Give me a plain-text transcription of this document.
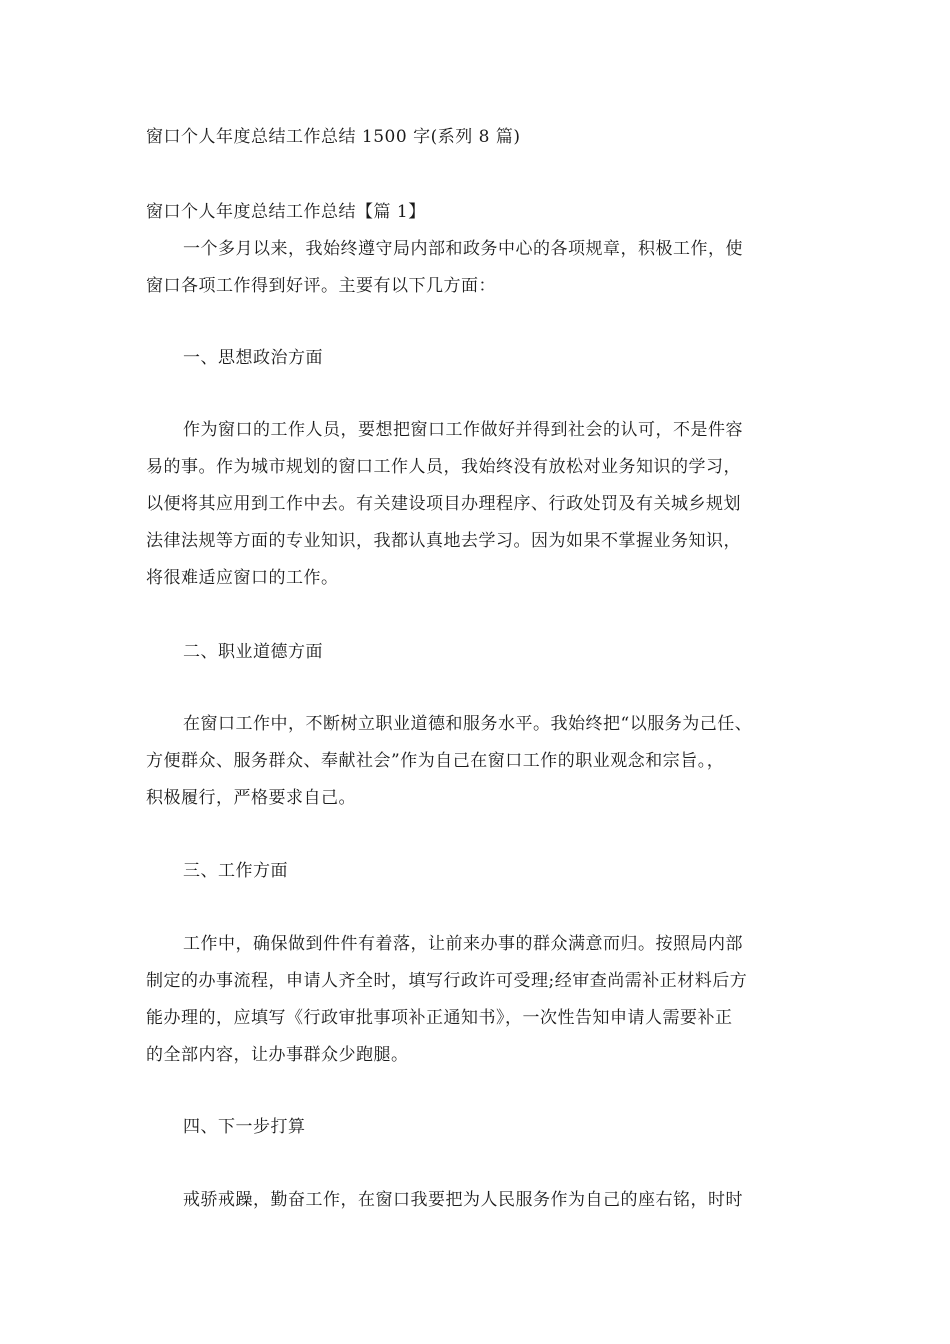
窗口个人年度总结工作总结 1500 字(系列 8 篇)
窗口个人年度总结工作总结【篇 1】
一个多月以来，我始终遵守局内部和政务中心的各项规章，积极工作，使
窗口各项工作得到好评。主要有以下几方面：
一、思想政治方面
作为窗口的工作人员，要想把窗口工作做好并得到社会的认可，不是件容
易的事。作为城市规划的窗口工作人员，我始终没有放松对业务知识的学习，
以便将其应用到工作中去。有关建设项目办理程序、行政处罚及有关城乡规划
法律法规等方面的专业知识，我都认真地去学习。因为如果不掌握业务知识，
将很难适应窗口的工作。
二、职业道德方面
在窗口工作中，不断树立职业道德和服务水平。我始终把“以服务为己任、
方便群众、服务群众、奉献社会”作为自己在窗口工作的职业观念和宗旨。，
积极履行，严格要求自己。
三、工作方面
工作中，确保做到件件有着落，让前来办事的群众满意而归。按照局内部
制定的办事流程，申请人齐全时，填写行政许可受理;经审查尚需补正材料后方
能办理的，应填写《行政审批事项补正通知书》，一次性告知申请人需要补正
的全部内容，让办事群众少跑腿。
四、下一步打算
戒骄戒躁，勤奋工作，在窗口我要把为人民服务作为自己的座右铭，时时
